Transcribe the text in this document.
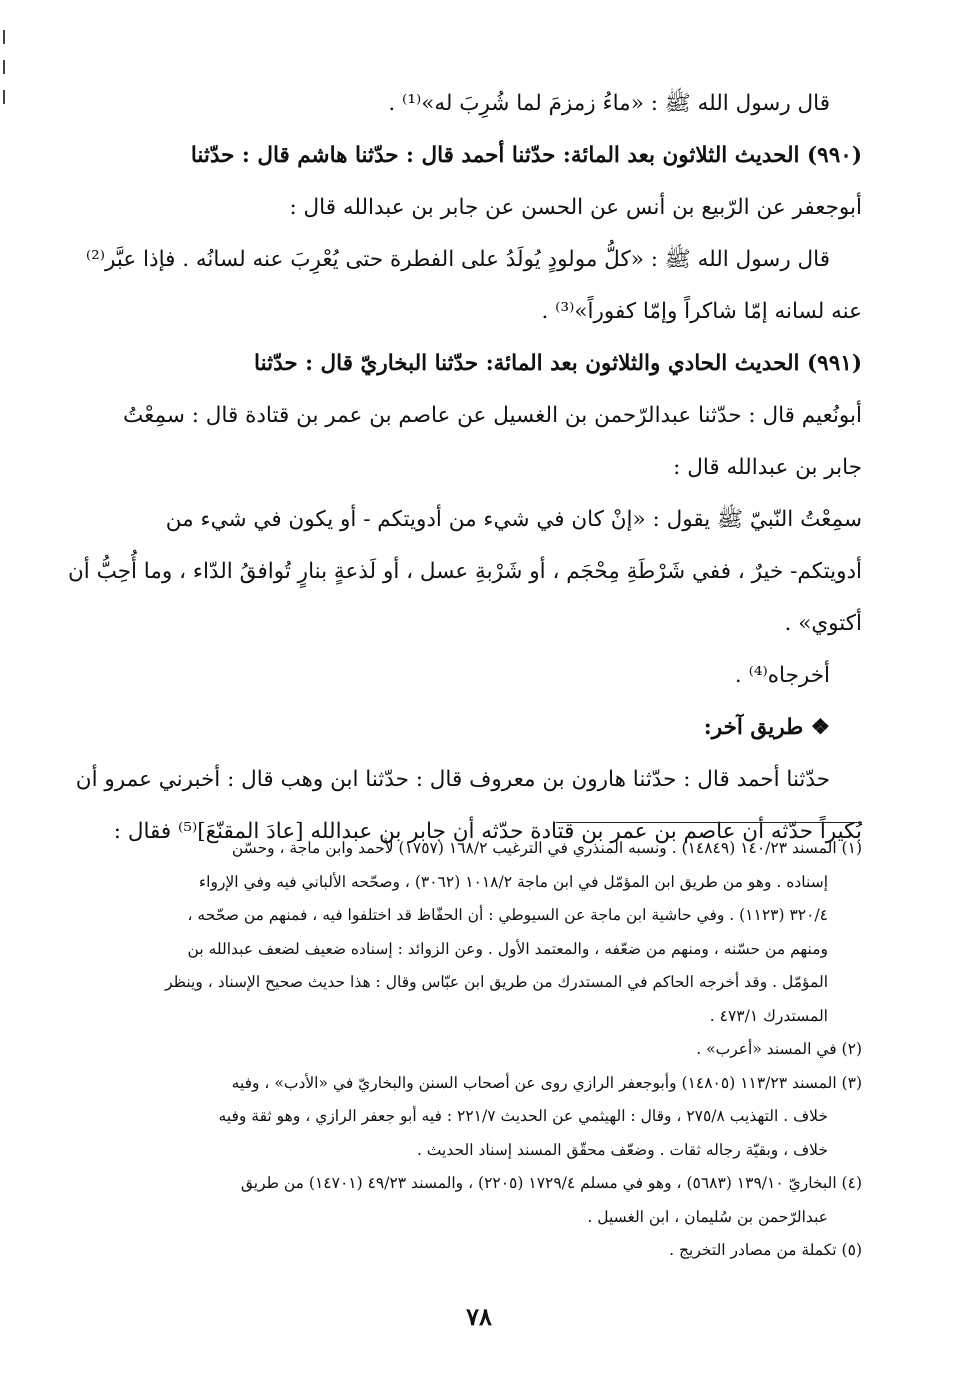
قال رسول الله ﷺ : «ماءُ زمزمَ لما شُرِبَ له»⁽¹⁾ .
(٩٩٠) الحديث الثلاثون بعد المائة: حدّثنا أحمد قال : حدّثنا هاشم قال : حدّثنا
أبوجعفر عن الرّبيع بن أنس عن الحسن عن جابر بن عبدالله قال :
قال رسول الله ﷺ : «كلُّ مولودٍ يُولَدُ على الفطرة حتى يُعْرِبَ عنه لسانُه . فإذا عبَّر⁽²⁾
عنه لسانه إمّا شاكراً وإمّا كفوراً»⁽³⁾ .
(٩٩١) الحديث الحادي والثلاثون بعد المائة: حدّثنا البخاريّ قال : حدّثنا
أبونُعيم قال : حدّثنا عبدالرّحمن بن الغسيل عن عاصم بن عمر بن قتادة قال : سمِعْتُ
جابر بن عبدالله قال :
سمِعْتُ النّبيّ ﷺ يقول : «إنْ كان في شيء من أدويتكم - أو يكون في شيء من
أدويتكم- خيرٌ ، ففي شَرْطَةِ مِحْجَم ، أو شَرْبةِ عسل ، أو لَذعةٍ بنارٍ تُوافقُ الدّاء ، وما أُحِبُّ أن
أكتوي» .
أخرجاه⁽⁴⁾ .
❖ طريق آخر:
حدّثنا أحمد قال : حدّثنا هارون بن معروف قال : حدّثنا ابن وهب قال : أخبرني عمرو أن
بُكيراً حدّثه أن عاصم بن عمر بن قتادة حدّثه أن جابر بن عبدالله [عادَ المقنّعَ]⁽⁵⁾ فقال :
(١) المسند ١٤٠/٢٣ (١٤٨٤٩) . ونسبه المنذري في الترغيب ١٦٨/٢ (١٧٥٧) لأحمد وابن ماجة ، وحسّن
إسناده . وهو من طريق ابن المؤمّل في ابن ماجة ١٠١٨/٢ (٣٠٦٢) ، وصحّحه الألباني فيه وفي الإرواء
٣٢٠/٤ (١١٢٣) . وفي حاشية ابن ماجة عن السيوطي : أن الحفّاظ قد اختلفوا فيه ، فمنهم من صحّحه ،
ومنهم من حسّنه ، ومنهم من ضعّفه ، والمعتمد الأول . وعن الزوائد : إسناده ضعيف لضعف عبدالله بن
المؤمّل . وقد أخرجه الحاكم في المستدرك من طريق ابن عبّاس وقال : هذا حديث صحيح الإسناد ، وينظر
المستدرك ٤٧٣/١ .
(٢) في المسند «أعرب» .
(٣) المسند ١١٣/٢٣ (١٤٨٠٥) وأبوجعفر الرازي روى عن أصحاب السنن والبخاريّ في «الأدب» ، وفيه
خلاف . التهذيب ٢٧٥/٨ ، وقال : الهيثمي عن الحديث ٢٢١/٧ : فيه أبو جعفر الرازي ، وهو ثقة وفيه
خلاف ، وبقيّة رجاله ثقات . وضعّف محقّق المسند إسناد الحديث .
(٤) البخاريّ ١٣٩/١٠ (٥٦٨٣) ، وهو في مسلم ١٧٢٩/٤ (٢٢٠٥) ، والمسند ٤٩/٢٣ (١٤٧٠١) من طريق
عبدالرّحمن بن سُليمان ، ابن الغسيل .
(٥) تكملة من مصادر التخريج .
٧٨
